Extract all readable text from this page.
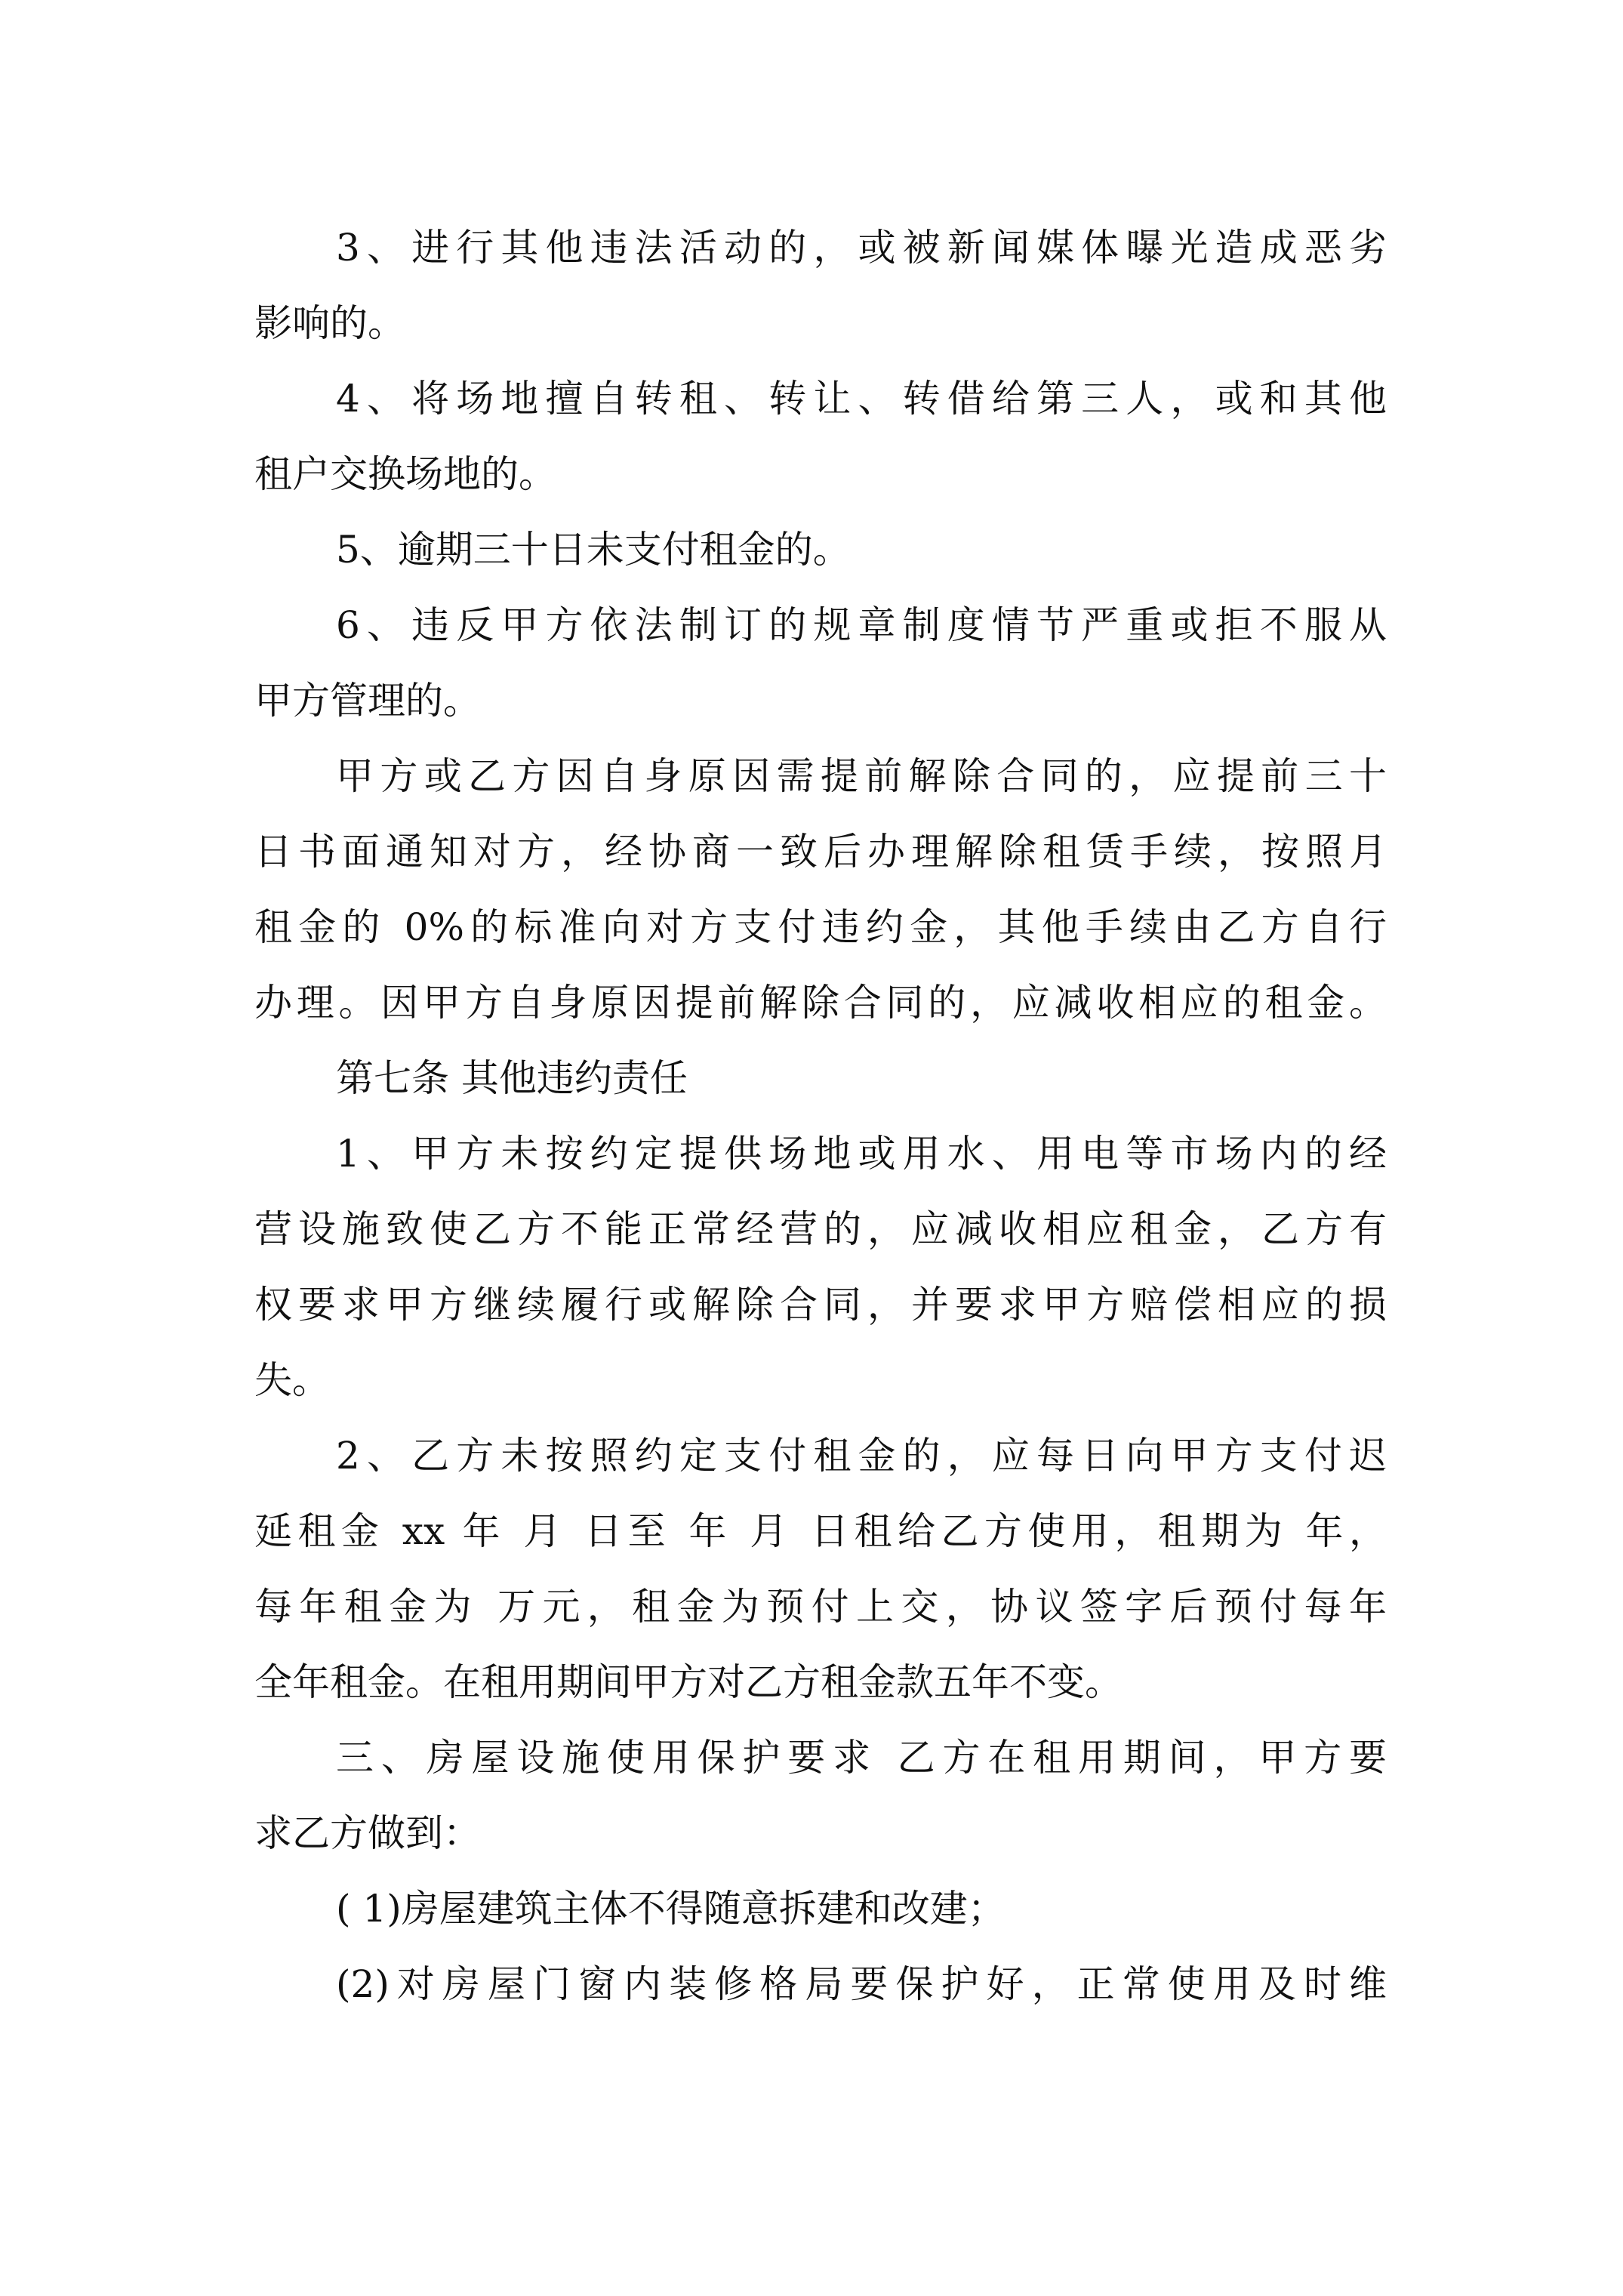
3、进行其他违法活动的，或被新闻媒体曝光造成恶劣
影响的。
4、将场地擅自转租、转让、转借给第三人，或和其他
租户交换场地的。
5、逾期三十日未支付租金的。
6、违反甲方依法制订的规章制度情节严重或拒不服从
甲方管理的。
甲方或乙方因自身原因需提前解除合同的，应提前三十
日书面通知对方，经协商一致后办理解除租赁手续，按照月
租金的 0%的标准向对方支付违约金，其他手续由乙方自行
办理。因甲方自身原因提前解除合同的，应减收相应的租金。
第七条 其他违约责任
1、甲方未按约定提供场地或用水、用电等市场内的经
营设施致使乙方不能正常经营的，应减收相应租金，乙方有
权要求甲方继续履行或解除合同，并要求甲方赔偿相应的损
失。
2、乙方未按照约定支付租金的，应每日向甲方支付迟
延租金 xx 年 月 日至 年 月 日租给乙方使用，租期为 年，
每年租金为 万元，租金为预付上交，协议签字后预付每年
全年租金。在租用期间甲方对乙方租金款五年不变。
三、房屋设施使用保护要求 乙方在租用期间，甲方要
求乙方做到：
( 1)房屋建筑主体不得随意拆建和改建；
(2)对房屋门窗内装修格局要保护好，正常使用及时维
